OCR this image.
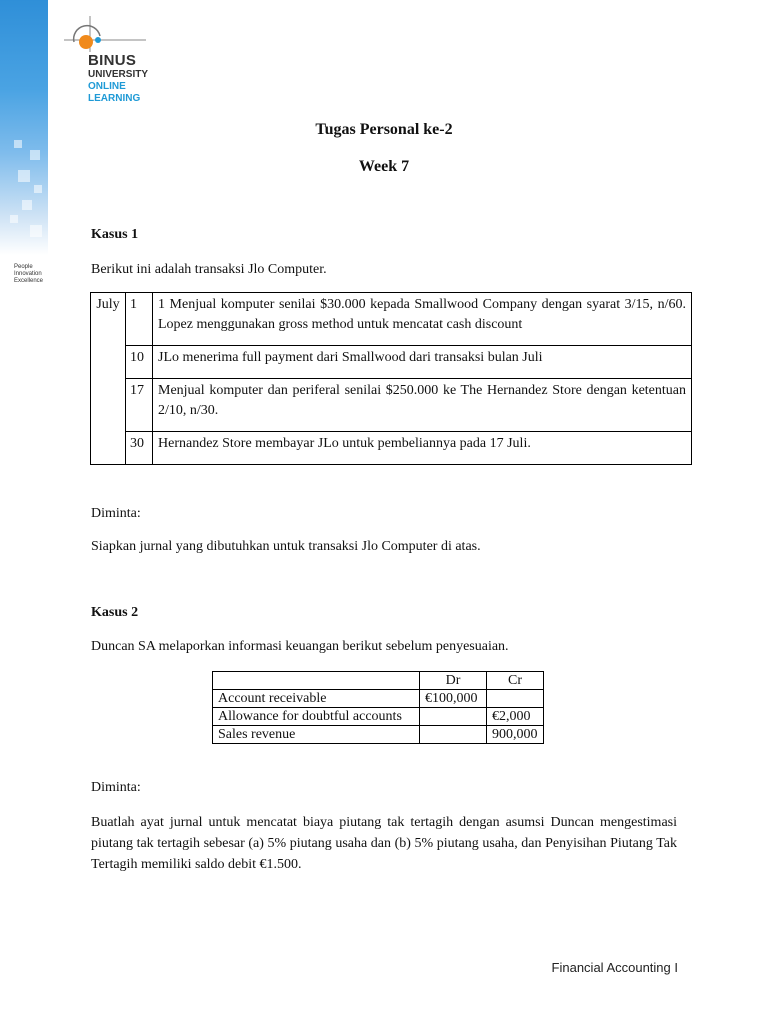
People
Innovation
Excellence
BINUS
UNIVERSITY
ONLINE
LEARNING
Tugas Personal ke-2
Week 7
Kasus 1
Berikut ini adalah transaksi Jlo Computer.
July	1	1 Menjual komputer senilai $30.000 kepada Smallwood Company dengan syarat 3/15, n/60. Lopez menggunakan gross method untuk mencatat cash discount
	10	JLo menerima full payment dari Smallwood dari transaksi bulan Juli
	17	Menjual komputer dan periferal senilai $250.000 ke The Hernandez Store dengan ketentuan 2/10, n/30.
	30	Hernandez Store membayar JLo untuk pembeliannya pada 17 Juli.
Diminta:
Siapkan jurnal yang dibutuhkan untuk transaksi Jlo Computer di atas.
Kasus 2
Duncan SA melaporkan informasi keuangan berikut sebelum penyesuaian.
	Dr	Cr
Account receivable	€100,000	
Allowance for doubtful accounts		€2,000
Sales revenue		900,000
Diminta:
Buatlah ayat jurnal untuk mencatat biaya piutang tak tertagih dengan asumsi Duncan mengestimasi piutang tak tertagih sebesar (a) 5% piutang usaha dan (b) 5% piutang usaha, dan Penyisihan Piutang Tak Tertagih memiliki saldo debit €1.500.
Financial Accounting I
